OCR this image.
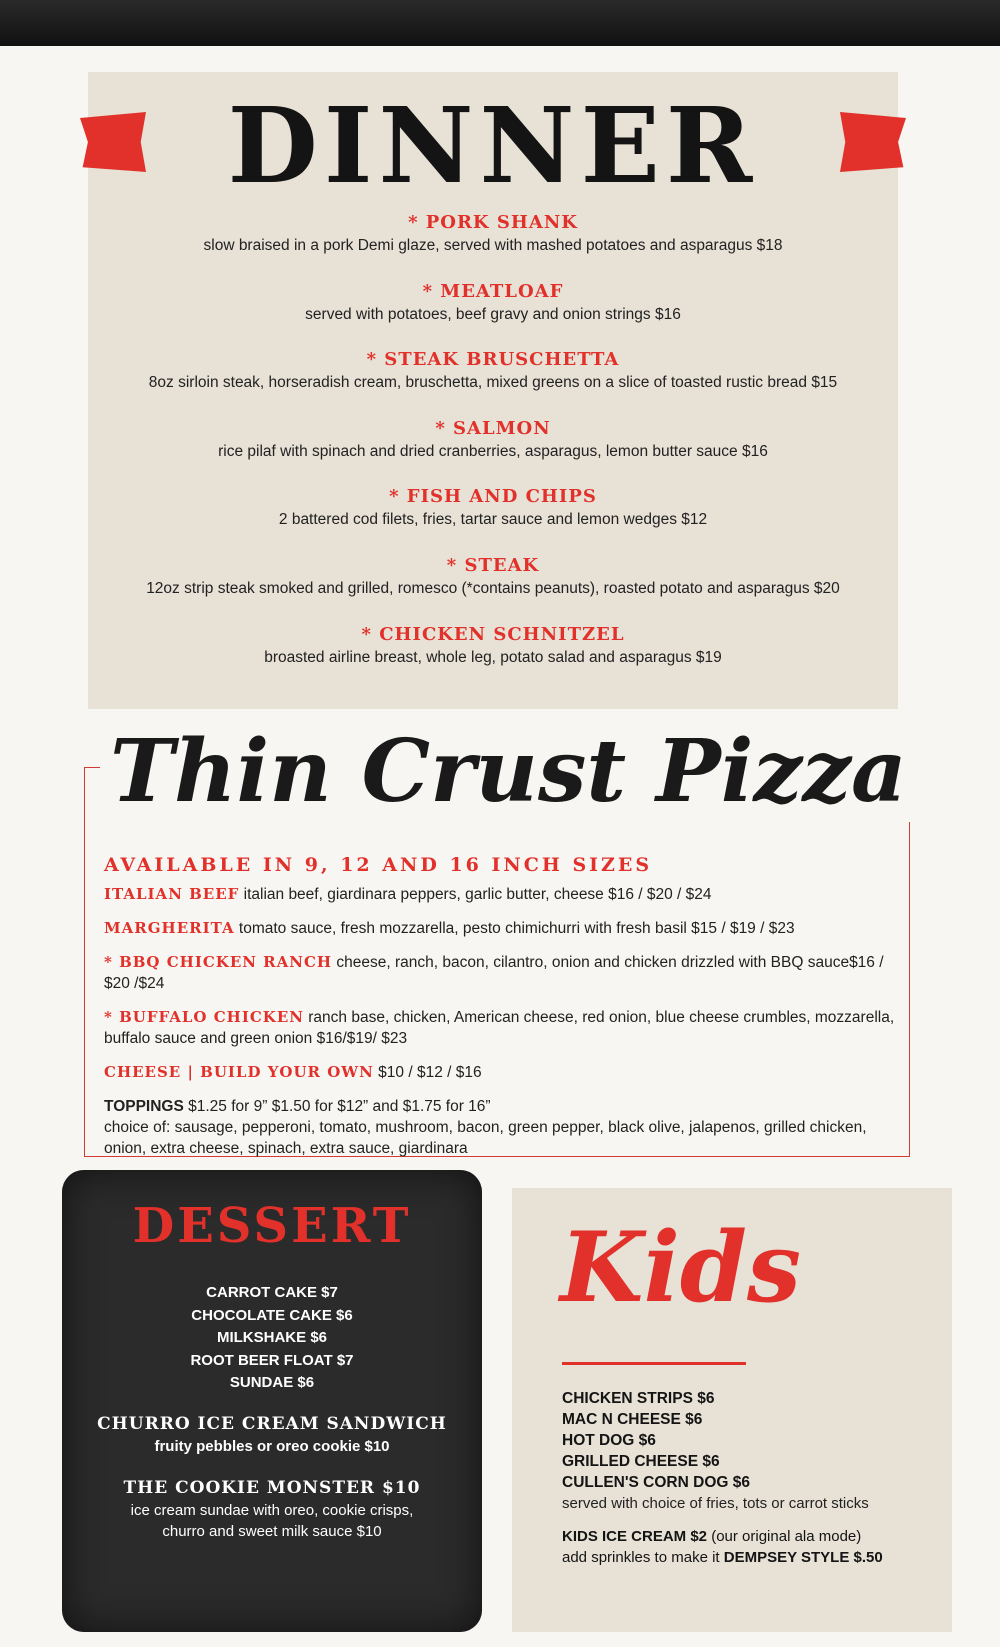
DINNER
* PORK SHANK
slow braised in a pork Demi glaze, served with mashed potatoes and asparagus $18
* MEATLOAF
served with potatoes, beef gravy and onion strings $16
* STEAK BRUSCHETTA
8oz sirloin steak, horseradish cream, bruschetta, mixed greens on a slice of toasted rustic bread $15
* SALMON
rice pilaf with spinach and dried cranberries, asparagus, lemon butter sauce $16
* FISH AND CHIPS
2 battered cod filets, fries, tartar sauce and lemon wedges $12
* STEAK
12oz strip steak smoked and grilled, romesco (*contains peanuts), roasted potato and asparagus $20
* CHICKEN SCHNITZEL
broasted airline breast, whole leg, potato salad and asparagus $19
Thin Crust Pizza
AVAILABLE IN 9, 12 AND 16 INCH SIZES
ITALIAN BEEF italian beef, giardinara peppers, garlic butter, cheese $16 / $20 / $24
MARGHERITA tomato sauce, fresh mozzarella, pesto chimichurri with fresh basil $15 / $19 / $23
* BBQ CHICKEN RANCH cheese, ranch, bacon, cilantro, onion and chicken drizzled with BBQ sauce$16 / $20 /$24
* BUFFALO CHICKEN ranch base, chicken, American cheese, red onion, blue cheese crumbles, mozzarella, buffalo sauce and green onion $16/$19/ $23
CHEESE | BUILD YOUR OWN $10 / $12 / $16
TOPPINGS $1.25 for 9” $1.50 for $12” and $1.75 for 16”
choice of: sausage, pepperoni, tomato, mushroom, bacon, green pepper, black olive, jalapenos, grilled chicken, onion, extra cheese, spinach, extra sauce, giardinara
DESSERT
CARROT CAKE $7
CHOCOLATE CAKE $6
MILKSHAKE $6
ROOT BEER FLOAT $7
SUNDAE $6
CHURRO ICE CREAM SANDWICH
fruity pebbles or oreo cookie $10
THE COOKIE MONSTER $10
ice cream sundae with oreo, cookie crisps,
churro and sweet milk sauce $10
Kids
CHICKEN STRIPS $6
MAC N CHEESE $6
HOT DOG $6
GRILLED CHEESE $6
CULLEN'S CORN DOG $6
served with choice of fries, tots or carrot sticks
KIDS ICE CREAM $2 (our original ala mode)
add sprinkles to make it DEMPSEY STYLE $.50
